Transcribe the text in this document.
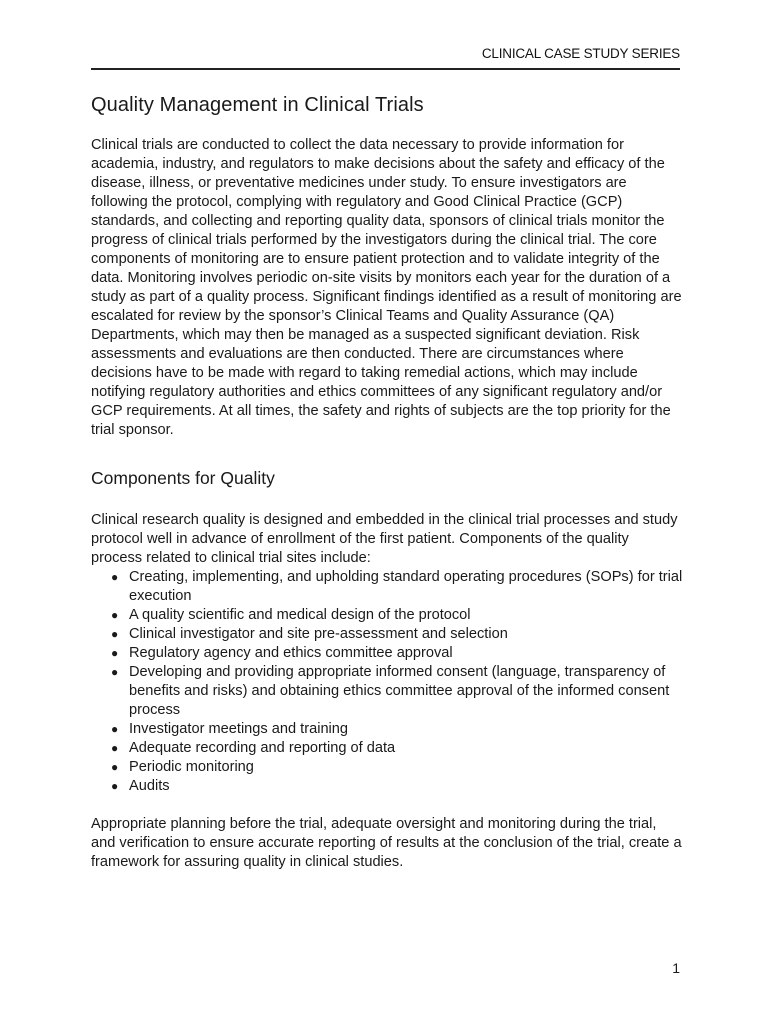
CLINICAL CASE STUDY SERIES
Quality Management in Clinical Trials

Clinical trials are conducted to collect the data necessary to provide information for academia, industry, and regulators to make decisions about the safety and efficacy of the disease, illness, or preventative medicines under study. To ensure investigators are following the protocol, complying with regulatory and Good Clinical Practice (GCP) standards, and collecting and reporting quality data, sponsors of clinical trials monitor the progress of clinical trials performed by the investigators during the clinical trial. The core components of monitoring are to ensure patient protection and to validate integrity of the data. Monitoring involves periodic on-site visits by monitors each year for the duration of a study as part of a quality process. Significant findings identified as a result of monitoring are escalated for review by the sponsor’s Clinical Teams and Quality Assurance (QA) Departments, which may then be managed as a suspected significant deviation. Risk assessments and evaluations are then conducted. There are circumstances where decisions have to be made with regard to taking remedial actions, which may include notifying regulatory authorities and ethics committees of any significant regulatory and/or GCP requirements. At all times, the safety and rights of subjects are the top priority for the trial sponsor.

Components for Quality

Clinical research quality is designed and embedded in the clinical trial processes and study protocol well in advance of enrollment of the first patient. Components of the quality process related to clinical trial sites include:

● Creating, implementing, and upholding standard operating procedures (SOPs) for trial execution
● A quality scientific and medical design of the protocol
● Clinical investigator and site pre-assessment and selection
● Regulatory agency and ethics committee approval
● Developing and providing appropriate informed consent (language, transparency of benefits and risks) and obtaining ethics committee approval of the informed consent process
● Investigator meetings and training
● Adequate recording and reporting of data
● Periodic monitoring
● Audits

Appropriate planning before the trial, adequate oversight and monitoring during the trial, and verification to ensure accurate reporting of results at the conclusion of the trial, create a framework for assuring quality in clinical studies.

1
